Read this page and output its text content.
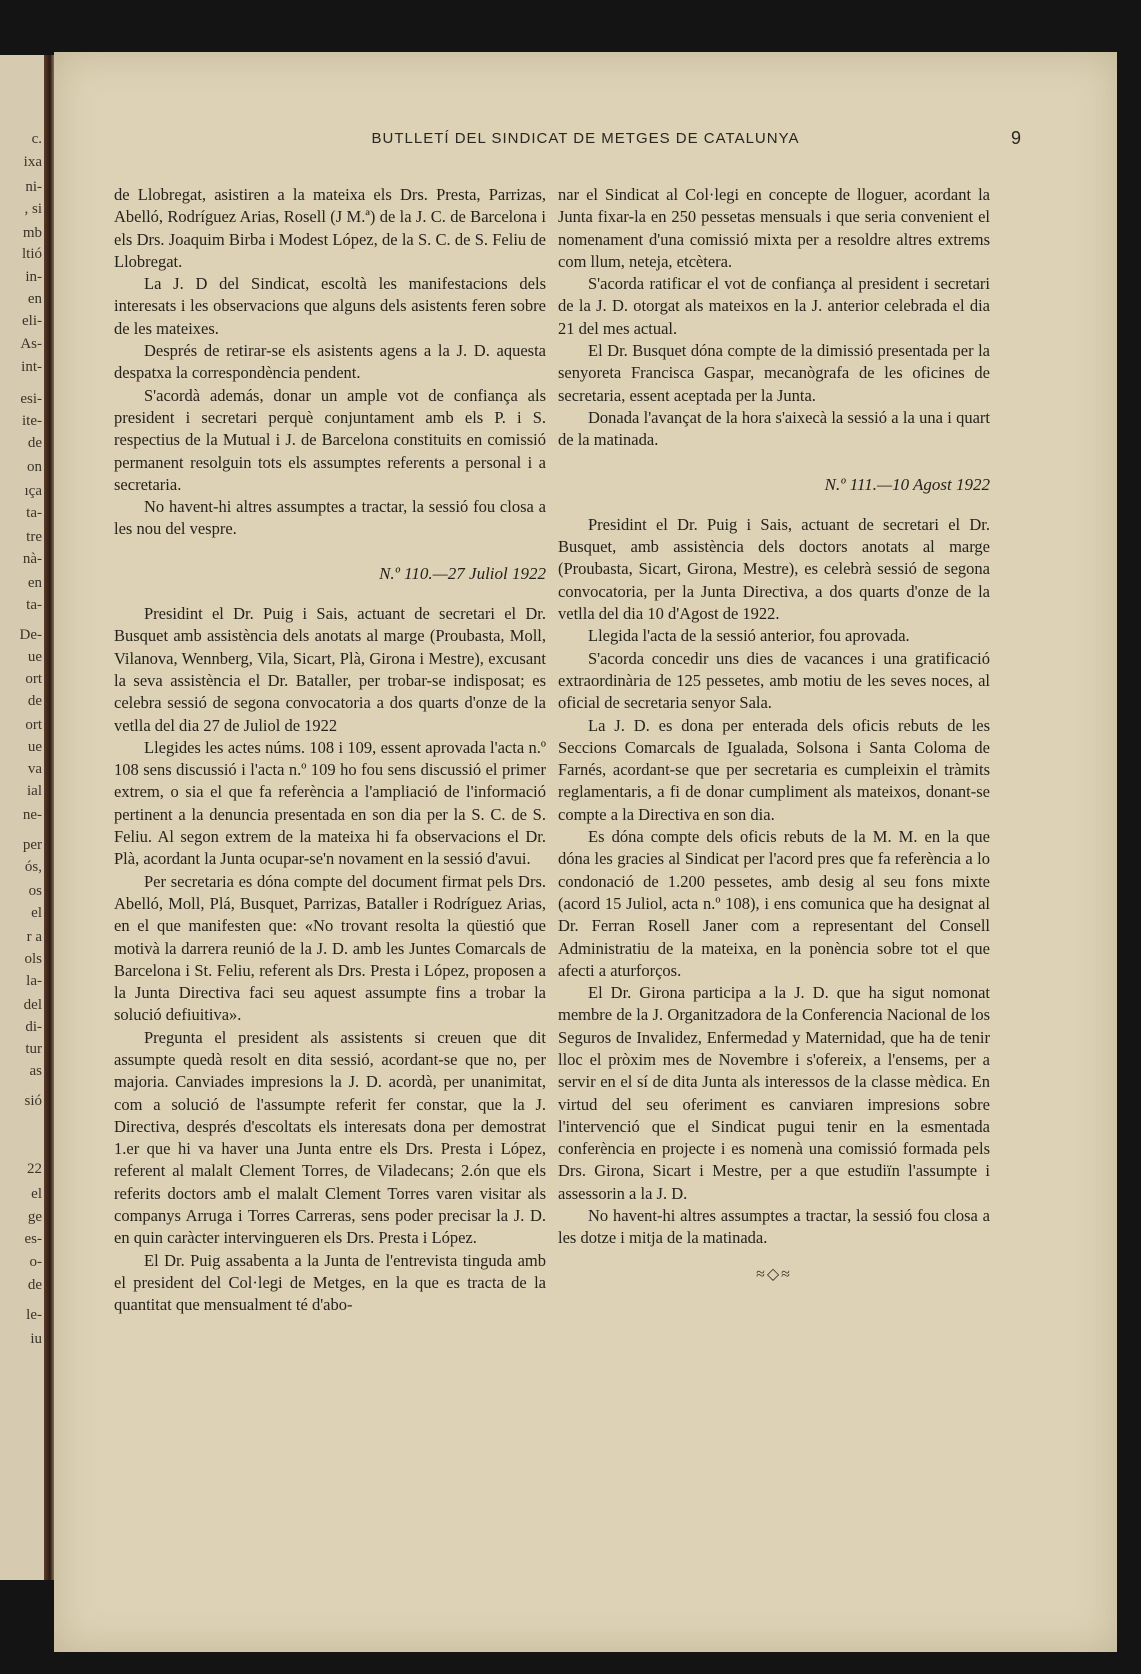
c.
ixa
ni-
, si
mb
ltió
in-
en
eli-
As-
int-
esi-
ite-
de
on
ıça
ta-
tre
nà-
en
ta-
De-
ue
ort
de
ort
ue
va
ial
ne-
per
ós,
os
el
r a
ols
la-
del
di-
tur
as
sió
22
el
ge
es-
o-
de
le-
iu
BUTLLETÍ DEL SINDICAT DE METGES DE CATALUNYA	9

de Llobregat, asistiren a la mateixa els Drs. Presta, Parrizas, Abelló, Rodríguez Arias, Rosell (J M.ª) de la J. C. de Barcelona i els Drs. Joaquim Birba i Modest López, de la S. C. de S. Feliu de Llobregat.

La J. D del Sindicat, escoltà les manifestacions dels interesats i les observacions que alguns dels asistents feren sobre de les mateixes.

Després de retirar-se els asistents agens a la J. D. aquesta despatxa la correspondència pendent.

S'acordà además, donar un ample vot de confiança als president i secretari perquè conjuntament amb els P. i S. respectius de la Mutual i J. de Barcelona constituits en comissió permanent resolguin tots els assumptes referents a personal i a secretaria.

No havent-hi altres assumptes a tractar, la sessió fou closa a les nou del vespre.

N.º 110.—27 Juliol 1922

Presidint el Dr. Puig i Sais, actuant de secretari el Dr. Busquet amb assistència dels anotats al marge (Proubasta, Moll, Vilanova, Wennberg, Vila, Sicart, Plà, Girona i Mestre), excusant la seva assistència el Dr. Bataller, per trobar-se indisposat; es celebra sessió de segona convocatoria a dos quarts d'onze de la vetlla del dia 27 de Juliol de 1922

Llegides les actes núms. 108 i 109, essent aprovada l'acta n.º 108 sens discussió i l'acta n.º 109 ho fou sens discussió el primer extrem, o sia el que fa referència a l'ampliació de l'informació pertinent a la denuncia presentada en son dia per la S. C. de S. Feliu. Al segon extrem de la mateixa hi fa observacions el Dr. Plà, acordant la Junta ocupar-se'n novament en la sessió d'avui.

Per secretaria es dóna compte del document firmat pels Drs. Abelló, Moll, Plá, Busquet, Parrizas, Bataller i Rodríguez Arias, en el que manifesten que: «No trovant resolta la qüestió que motivà la darrera reunió de la J. D. amb les Juntes Comarcals de Barcelona i St. Feliu, referent als Drs. Presta i López, proposen a la Junta Directiva faci seu aquest assumpte fins a trobar la solució defiuitiva».

Pregunta el president als assistents si creuen que dit assumpte quedà resolt en dita sessió, acordant-se que no, per majoria. Canviades impresions la J. D. acordà, per unanimitat, com a solució de l'assumpte referit fer constar, que la J. Directiva, després d'escoltats els interesats dona per demostrat 1.er que hi va haver una Junta entre els Drs. Presta i López, referent al malalt Clement Torres, de Viladecans; 2.ón que els referits doctors amb el malalt Clement Torres varen visitar als companys Arruga i Torres Carreras, sens poder precisar la J. D. en quin caràcter intervingueren els Drs. Presta i López.

El Dr. Puig assabenta a la Junta de l'entrevista tinguda amb el president del Col·legi de Metges, en la que es tracta de la quantitat que mensualment té d'abo-

nar el Sindicat al Col·legi en concepte de lloguer, acordant la Junta fixar-la en 250 pessetas mensuals i que seria convenient el nomenament d'una comissió mixta per a resoldre altres extrems com llum, neteja, etcètera.

S'acorda ratificar el vot de confiança al president i secretari de la J. D. otorgat als mateixos en la J. anterior celebrada el dia 21 del mes actual.

El Dr. Busquet dóna compte de la dimissió presentada per la senyoreta Francisca Gaspar, mecanògrafa de les oficines de secretaria, essent aceptada per la Junta.

Donada l'avançat de la hora s'aixecà la sessió a la una i quart de la matinada.

N.º 111.—10 Agost 1922

Presidint el Dr. Puig i Sais, actuant de secretari el Dr. Busquet, amb assistència dels doctors anotats al marge (Proubasta, Sicart, Girona, Mestre), es celebrà sessió de segona convocatoria, per la Junta Directiva, a dos quarts d'onze de la vetlla del dia 10 d'Agost de 1922.

Llegida l'acta de la sessió anterior, fou aprovada.

S'acorda concedir uns dies de vacances i una gratificació extraordinària de 125 pessetes, amb motiu de les seves noces, al oficial de secretaria senyor Sala.

La J. D. es dona per enterada dels oficis rebuts de les Seccions Comarcals de Igualada, Solsona i Santa Coloma de Farnés, acordant-se que per secretaria es cumpleixin el tràmits reglamentaris, a fi de donar cumpliment als mateixos, donant-se compte a la Directiva en son dia.

Es dóna compte dels oficis rebuts de la M. M. en la que dóna les gracies al Sindicat per l'acord pres que fa referència a lo condonació de 1.200 pessetes, amb desig al seu fons mixte (acord 15 Juliol, acta n.º 108), i ens comunica que ha designat al Dr. Ferran Rosell Janer com a representant del Consell Administratiu de la mateixa, en la ponència sobre tot el que afecti a aturforços.

El Dr. Girona participa a la J. D. que ha sigut nomonat membre de la J. Organitzadora de la Conferencia Nacional de los Seguros de Invalidez, Enfermedad y Maternidad, que ha de tenir lloc el pròxim mes de Novembre i s'ofereix, a l'ensems, per a servir en el sí de dita Junta als interessos de la classe mèdica. En virtud del seu oferiment es canviaren impresions sobre l'intervenció que el Sindicat pugui tenir en la esmentada conferència en projecte i es nomenà una comissió formada pels Drs. Girona, Sicart i Mestre, per a que estudiïn l'assumpte i assessorin a la J. D.

No havent-hi altres assumptes a tractar, la sessió fou closa a les dotze i mitja de la matinada.

≈◇≈
